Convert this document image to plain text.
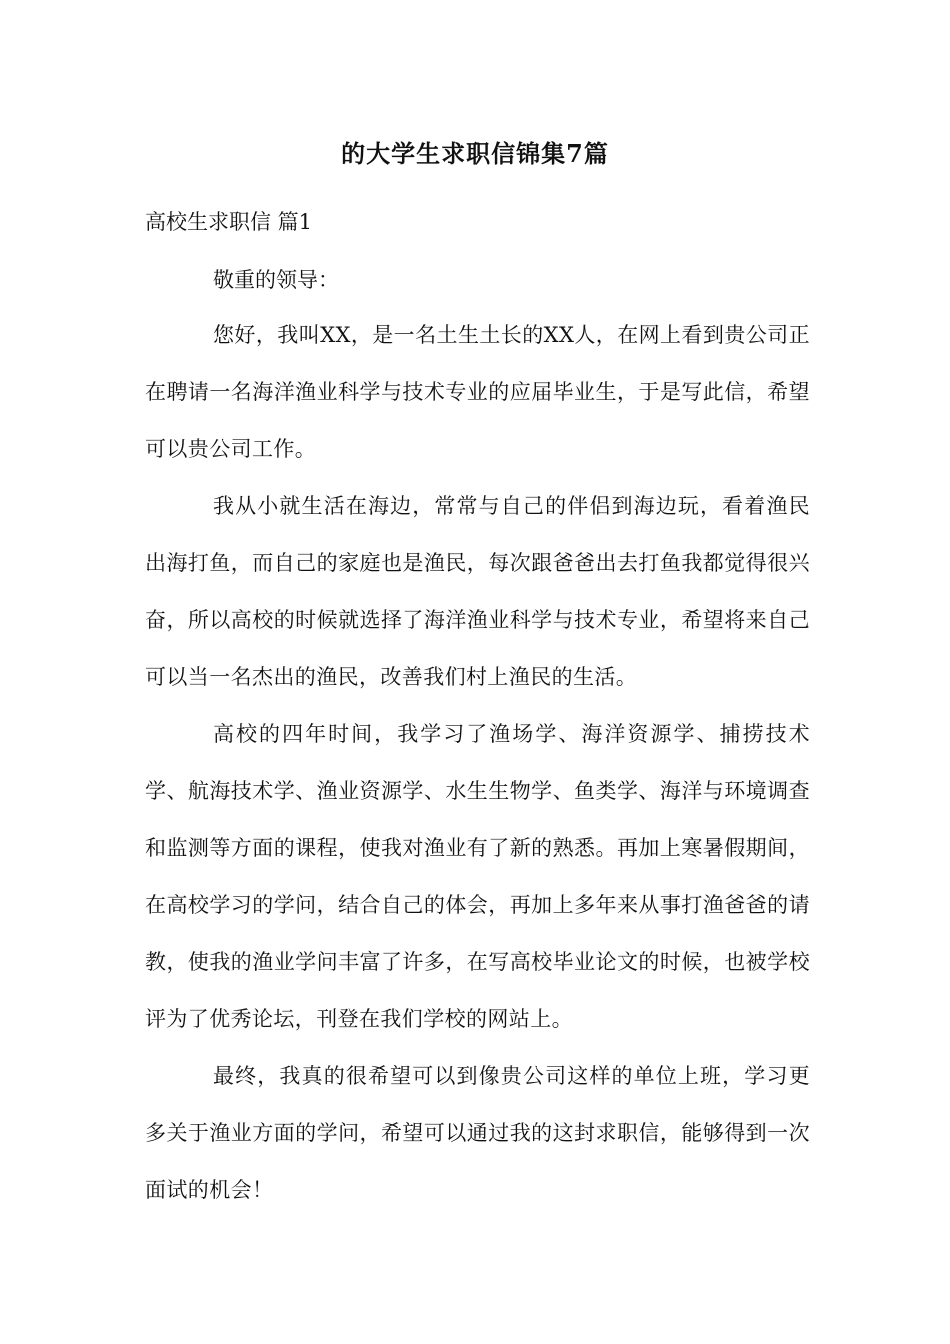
的大学生求职信锦集7篇
高校生求职信 篇1
敬重的领导：

您好，我叫XX，是一名土生土长的XX人，在网上看到贵公司正在聘请一名海洋渔业科学与技术专业的应届毕业生，于是写此信，希望可以贵公司工作。

我从小就生活在海边，常常与自己的伴侣到海边玩，看着渔民出海打鱼，而自己的家庭也是渔民，每次跟爸爸出去打鱼我都觉得很兴奋，所以高校的时候就选择了海洋渔业科学与技术专业，希望将来自己可以当一名杰出的渔民，改善我们村上渔民的生活。

高校的四年时间，我学习了渔场学、海洋资源学、捕捞技术学、航海技术学、渔业资源学、水生生物学、鱼类学、海洋与环境调查和监测等方面的课程，使我对渔业有了新的熟悉。再加上寒暑假期间，在高校学习的学问，结合自己的体会，再加上多年来从事打渔爸爸的请教，使我的渔业学问丰富了许多，在写高校毕业论文的时候，也被学校评为了优秀论坛，刊登在我们学校的网站上。

最终，我真的很希望可以到像贵公司这样的单位上班，学习更多关于渔业方面的学问，希望可以通过我的这封求职信，能够得到一次面试的机会！
